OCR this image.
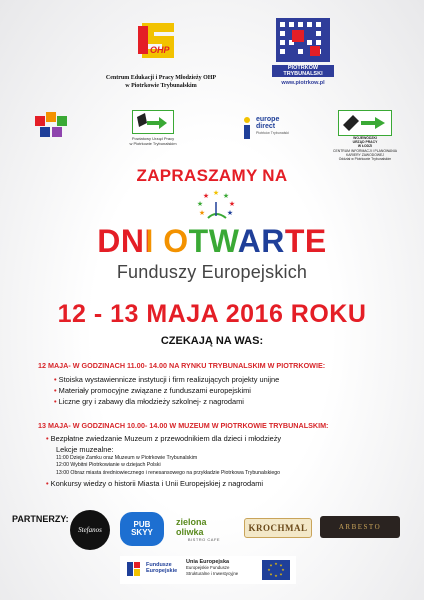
OHP
Centrum Edukacji i Pracy Młodzieży OHP
w Piotrkowie Trybunalskim
PIOTRKÓW
TRYBUNALSKI
www.piotrkow.pl
Powiatowy Urząd Pracy
w Piotrkowie Trybunalskim
europe
direct
Piotrków Trybunalski
WOJEWÓDZKI
URZĄD PRACY
W ŁODZI
CENTRUM INFORMACJI I PLANOWANIA
KARIERY ZAWODOWEJ
Oddział w Piotrkowie Trybunalskim
ZAPRASZAMY NA
★ ★
★
★
★
★
★
DNI OTWARTE
Funduszy Europejskich
12 - 13 MAJA 2016 ROKU
CZEKAJĄ NA WAS:
12 MAJA- W GODZINACH 11.00- 14.00 NA RYNKU TRYBUNALSKIM W PIOTRKOWIE:
• Stoiska wystawiennicze instytucji i firm realizujących projekty unijne
• Materiały promocyjne związane z funduszami europejskimi
• Liczne gry i zabawy dla młodzieży szkolnej- z nagrodami
13 MAJA- W GODZINACH 10.00- 14.00 W MUZEUM W PIOTRKOWIE TRYBUNALSKIM:
• Bezpłatne zwiedzanie Muzeum z przewodnikiem dla dzieci i młodzieży
Lekcje muzealne:
11:00 Dzieje Zamku oraz Muzeum w Piotrkowie Trybunalskim
12:00 Wybitni Piotrkowianie w dziejach Polski
13:00 Obraz miasta średniowiecznego i renesansowego na przykładzie Piotrkowa Trybunalskiego
• Konkursy wiedzy o historii Miasta i Unii Europejskiej z nagrodami
PARTNERZY:
Stefanos
PUB SKYY
zielona oliwka
BISTRO CAFE
KROCHMAL	ARBESTO
Fundusze
Europejskie
Unia Europejska
Europejskie Fundusze
Strukturalne i Inwestycyjne
★ ★
★
★
★
★
★
★
